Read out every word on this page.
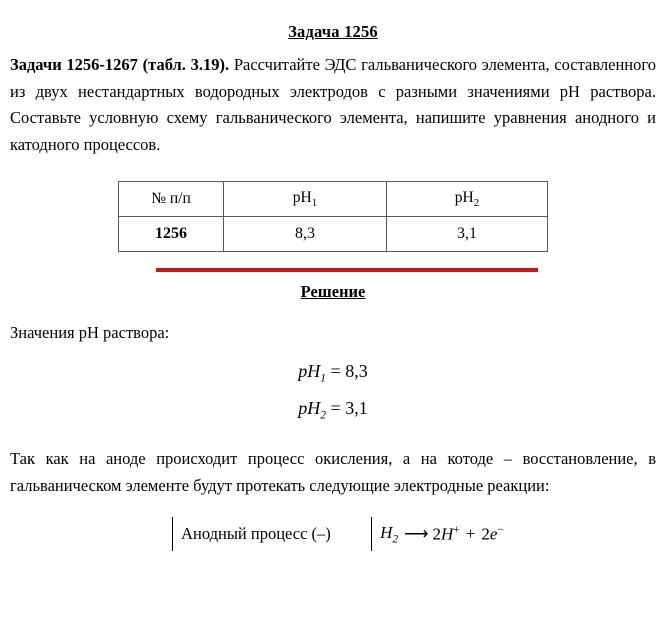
Задача 1256

Задачи 1256-1267 (табл. 3.19). Рассчитайте ЭДС гальванического элемента, составленного из двух нестандартных водородных электродов с разными значениями pH раствора. Составьте условную схему гальванического элемента, напишите уравнения анодного и катодного процессов.

№ п/п	$pH_1$	$pH_2$
1256	8,3	3,1
Решение

Значения pH раствора:

$pH_1 = 8,3$
$pH_2 = 3,1$

Так как на аноде происходит процесс окисления, а на котоде – восстановление, в гальваническом элементе будут протекать следующие электродные реакции:

Анодный процесс (–)	$H_2$ ⟶ 2H+ + 2e−
